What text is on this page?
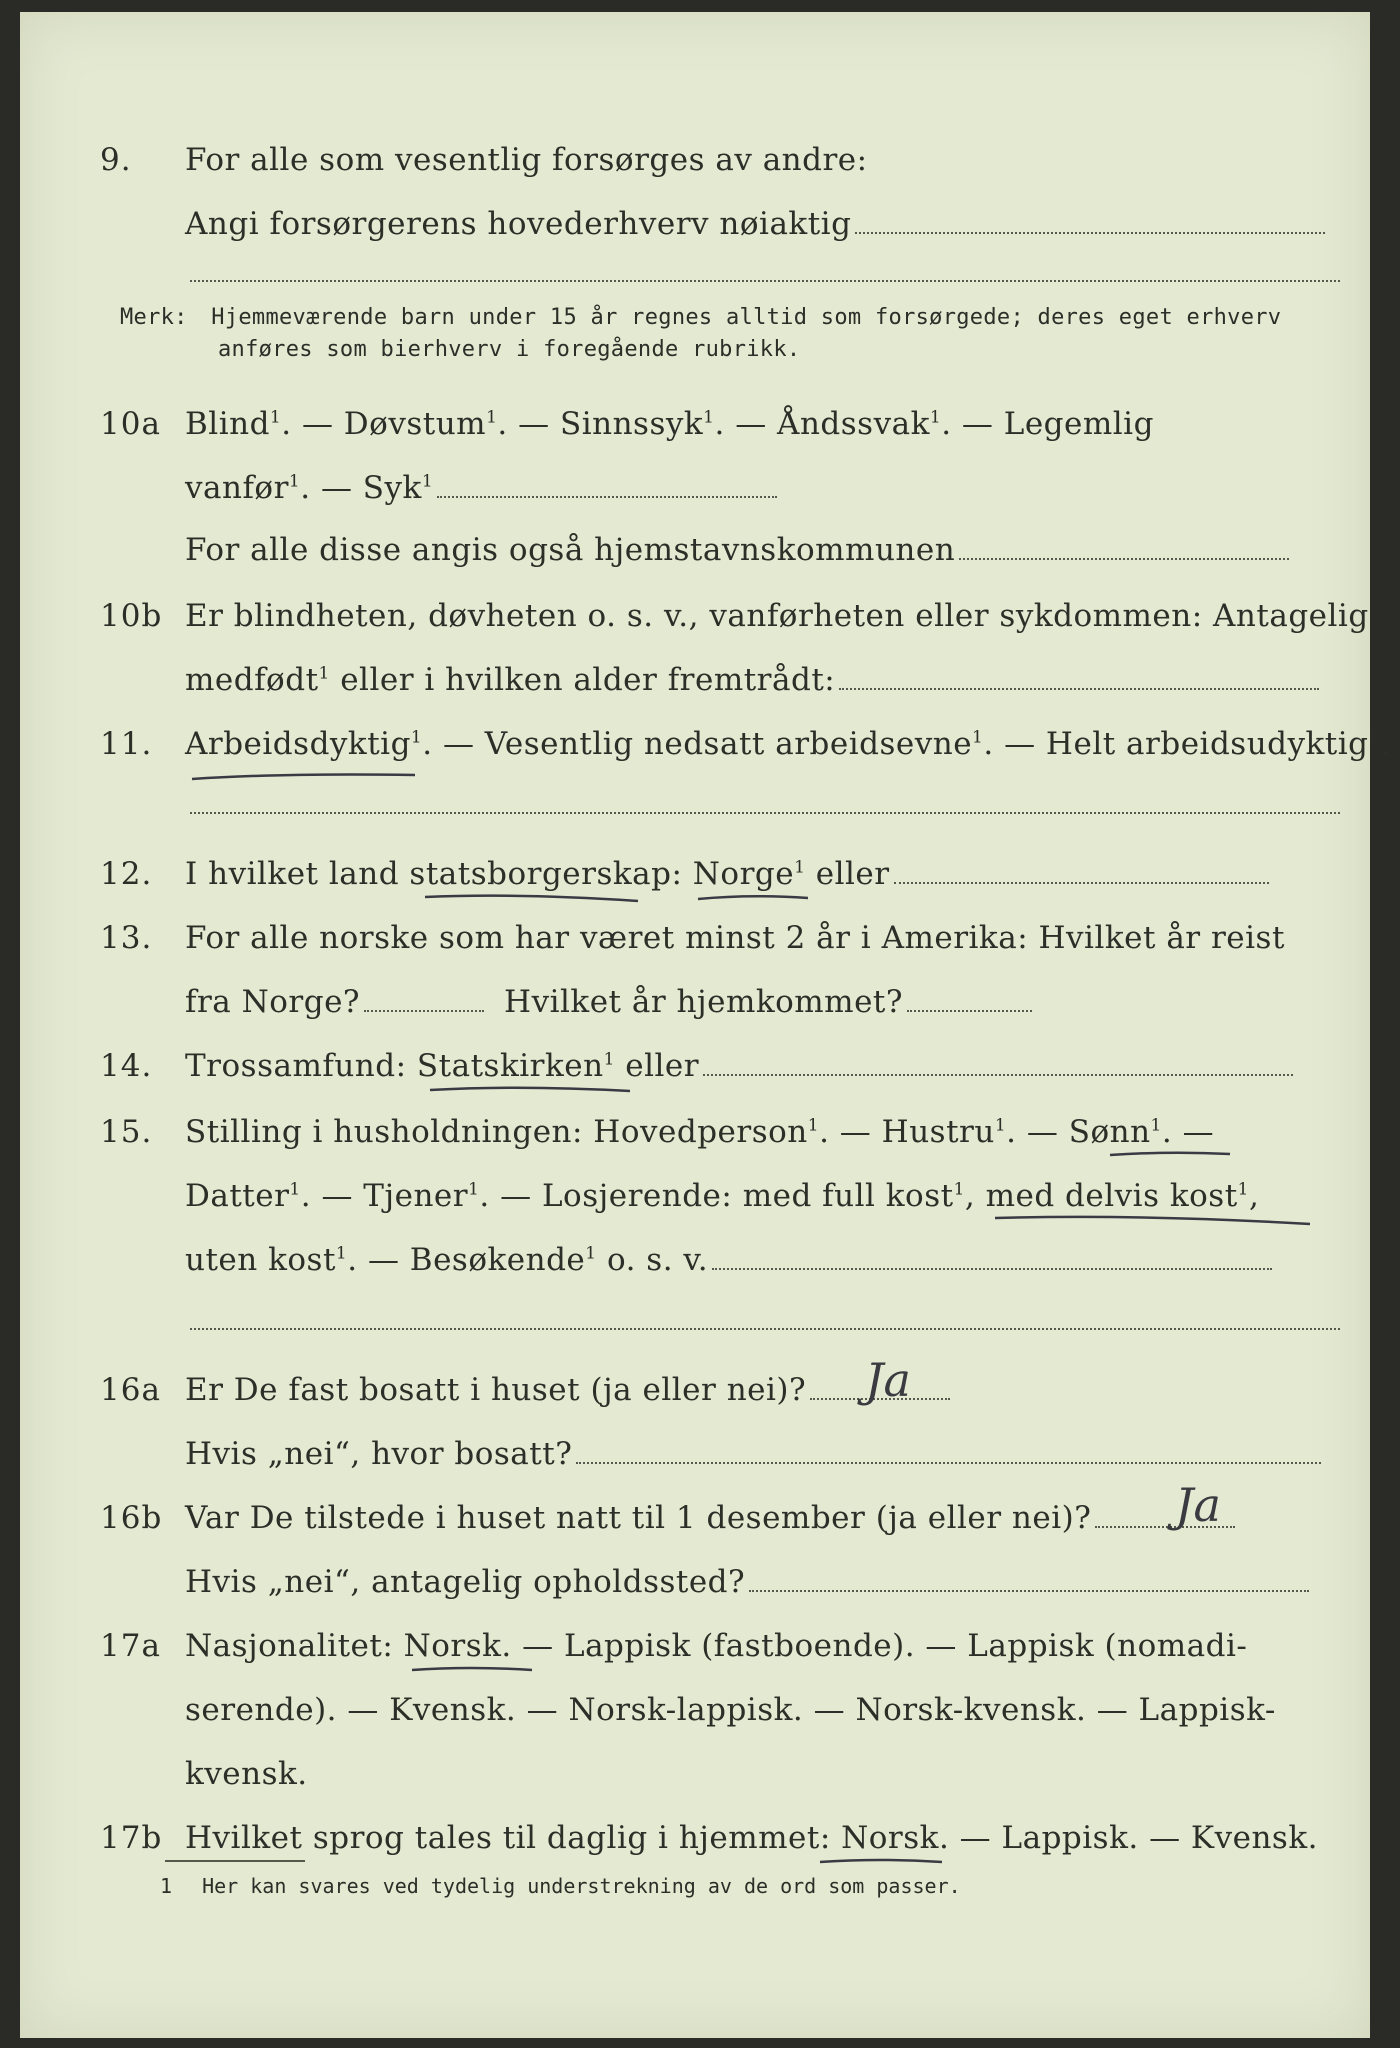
9. For alle som vesentlig forsørges av andre:
Angi forsørgerens hovederhverv nøiaktig
Merk: Hjemmeværende barn under 15 år regnes alltid som forsørgede; deres eget erhverv
anføres som bierhverv i foregående rubrikk.
10a Blind$^1$. — Døvstum$^1$. — Sinnssyk$^1$. — Åndssvak$^1$. — Legemlig
vanfør$^1$. — Syk$^1$
For alle disse angis også hjemstavnskommunen
10b Er blindheten, døvheten o. s. v., vanførheten eller sykdommen: Antagelig
medfødt$^1$ eller i hvilken alder fremtrådt:
11. Arbeidsdyktig$^1$. — Vesentlig nedsatt arbeidsevne$^1$. — Helt arbeidsudyktig$^1$.
12. I hvilket land statsborgerskap: Norge$^1$ eller
13. For alle norske som har været minst 2 år i Amerika: Hvilket år reist
fra Norge?	Hvilket år hjemkommet?
14. Trossamfund: Statskirken$^1$ eller
15. Stilling i husholdningen: Hovedperson$^1$. — Hustru$^1$. — Sønn$^1$. —
Datter$^1$. — Tjener$^1$. — Losjerende: med full kost$^1$, med delvis kost$^1$,
uten kost$^1$. — Besøkende$^1$ o. s. v.
16a Er De fast bosatt i huset (ja eller nei)?	Ja
Hvis „nei“, hvor bosatt?
16b Var De tilstede i huset natt til 1 desember (ja eller nei)?	Ja
Hvis „nei“, antagelig opholdssted?
17a Nasjonalitet: Norsk. — Lappisk (fastboende). — Lappisk (nomadi-
serende). — Kvensk. — Norsk-lappisk. — Norsk-kvensk. — Lappisk-
kvensk.
17b Hvilket sprog tales til daglig i hjemmet: Norsk. — Lappisk. — Kvensk.
1 Her kan svares ved tydelig understrekning av de ord som passer.
